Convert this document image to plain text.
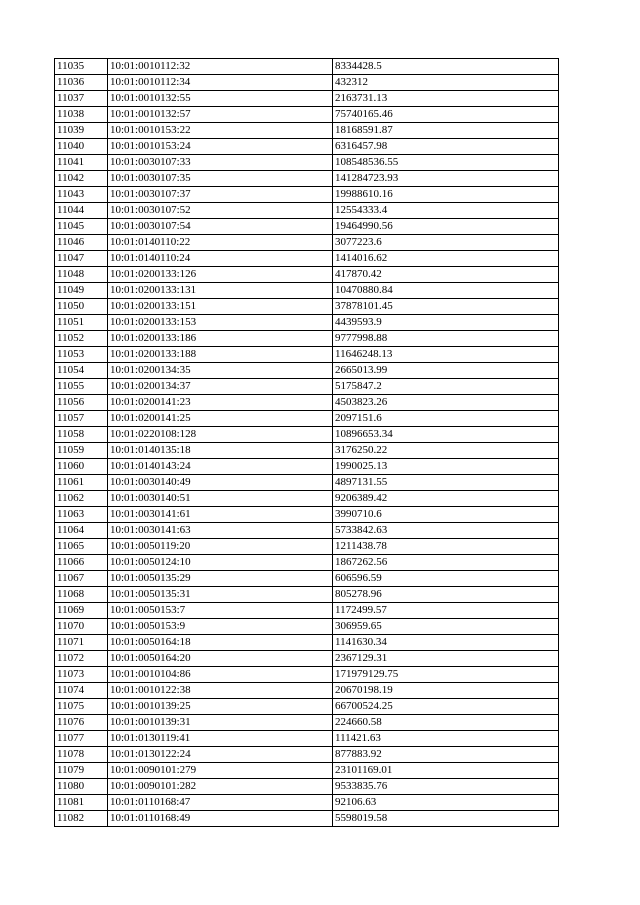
11035	10:01:0010112:32	8334428.5
11036	10:01:0010112:34	432312
11037	10:01:0010132:55	2163731.13
11038	10:01:0010132:57	75740165.46
11039	10:01:0010153:22	18168591.87
11040	10:01:0010153:24	6316457.98
11041	10:01:0030107:33	108548536.55
11042	10:01:0030107:35	141284723.93
11043	10:01:0030107:37	19988610.16
11044	10:01:0030107:52	12554333.4
11045	10:01:0030107:54	19464990.56
11046	10:01:0140110:22	3077223.6
11047	10:01:0140110:24	1414016.62
11048	10:01:0200133:126	417870.42
11049	10:01:0200133:131	10470880.84
11050	10:01:0200133:151	37878101.45
11051	10:01:0200133:153	4439593.9
11052	10:01:0200133:186	9777998.88
11053	10:01:0200133:188	11646248.13
11054	10:01:0200134:35	2665013.99
11055	10:01:0200134:37	5175847.2
11056	10:01:0200141:23	4503823.26
11057	10:01:0200141:25	2097151.6
11058	10:01:0220108:128	10896653.34
11059	10:01:0140135:18	3176250.22
11060	10:01:0140143:24	1990025.13
11061	10:01:0030140:49	4897131.55
11062	10:01:0030140:51	9206389.42
11063	10:01:0030141:61	3990710.6
11064	10:01:0030141:63	5733842.63
11065	10:01:0050119:20	1211438.78
11066	10:01:0050124:10	1867262.56
11067	10:01:0050135:29	606596.59
11068	10:01:0050135:31	805278.96
11069	10:01:0050153:7	1172499.57
11070	10:01:0050153:9	306959.65
11071	10:01:0050164:18	1141630.34
11072	10:01:0050164:20	2367129.31
11073	10:01:0010104:86	171979129.75
11074	10:01:0010122:38	20670198.19
11075	10:01:0010139:25	66700524.25
11076	10:01:0010139:31	224660.58
11077	10:01:0130119:41	111421.63
11078	10:01:0130122:24	877883.92
11079	10:01:0090101:279	23101169.01
11080	10:01:0090101:282	9533835.76
11081	10:01:0110168:47	92106.63
11082	10:01:0110168:49	5598019.58
